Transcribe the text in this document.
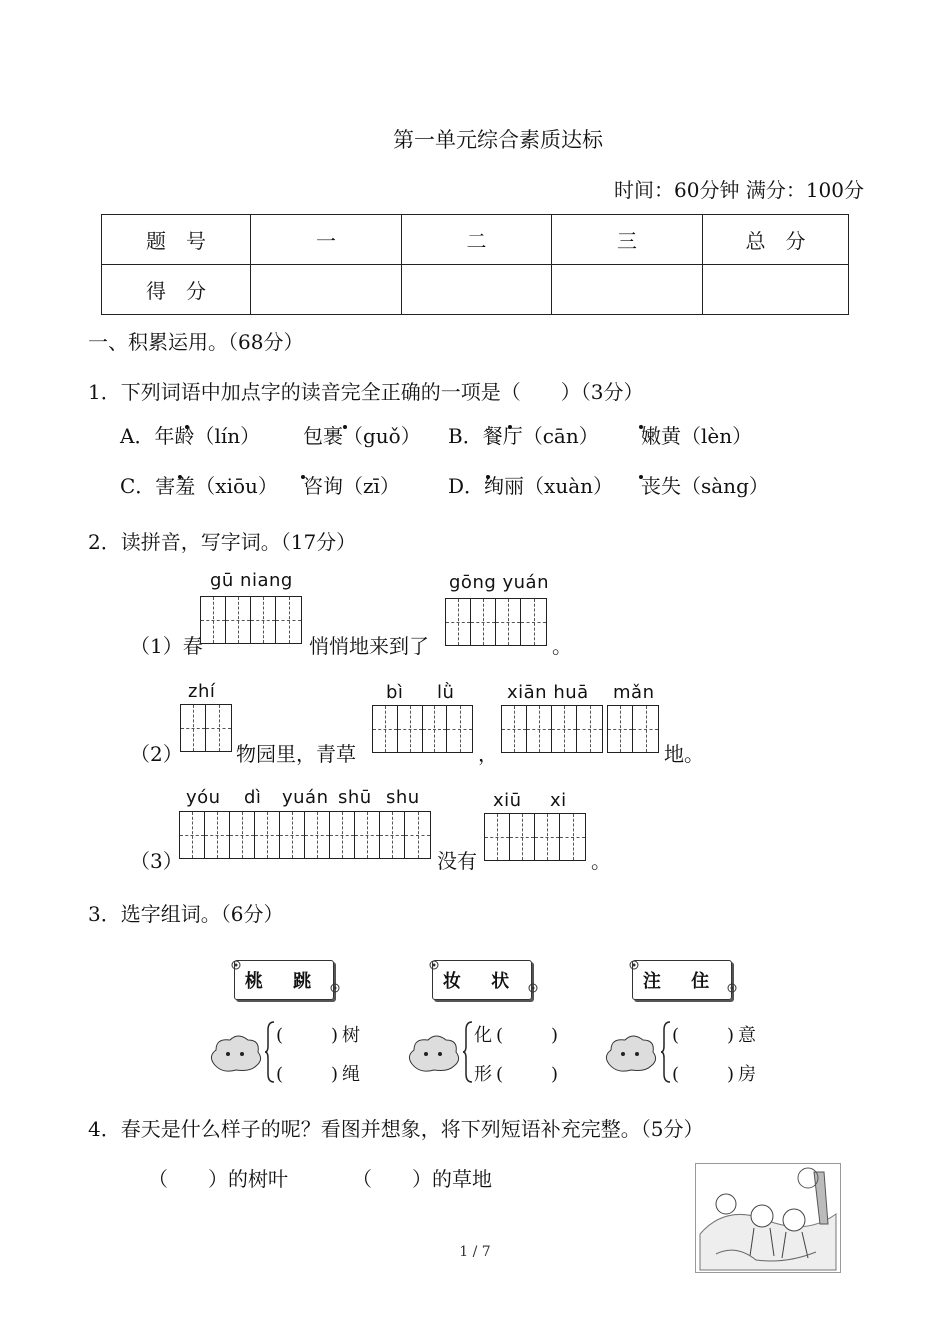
第一单元综合素质达标
时间：60分钟 满分：100分
题　号	一	二	三	总　分
得　分				
一、积累运用。（68分）
1．下列词语中加点字的读音完全正确的一项是（　　）（3分）
A．年龄（lín） 包裹（guǒ） B．餐厅（cān） 嫩黄（lèn）
C．害羞（xiōu） 咨询（zī） D．绚丽（xuàn） 丧失（sàng）
2．读拼音，写字词。（17分）
gū niang	gōng yuán
（1）春	悄悄地来到了	。
zhí	bì lǜ	xiān huā mǎn
（2）	物园里，青草	，	地。
yóu dì yuán shū shu	xiū xi
（3）	没有	。
3．选字组词。（6分）
桃 跳	妆 状	注 住
(　　)树
(　　)绳
化(　　)
形(　　)
(　　)意
(　　)房
4．春天是什么样子的呢？看图并想象，将下列短语补充完整。（5分）
（　　）的树叶	（　　）的草地
1 / 7
